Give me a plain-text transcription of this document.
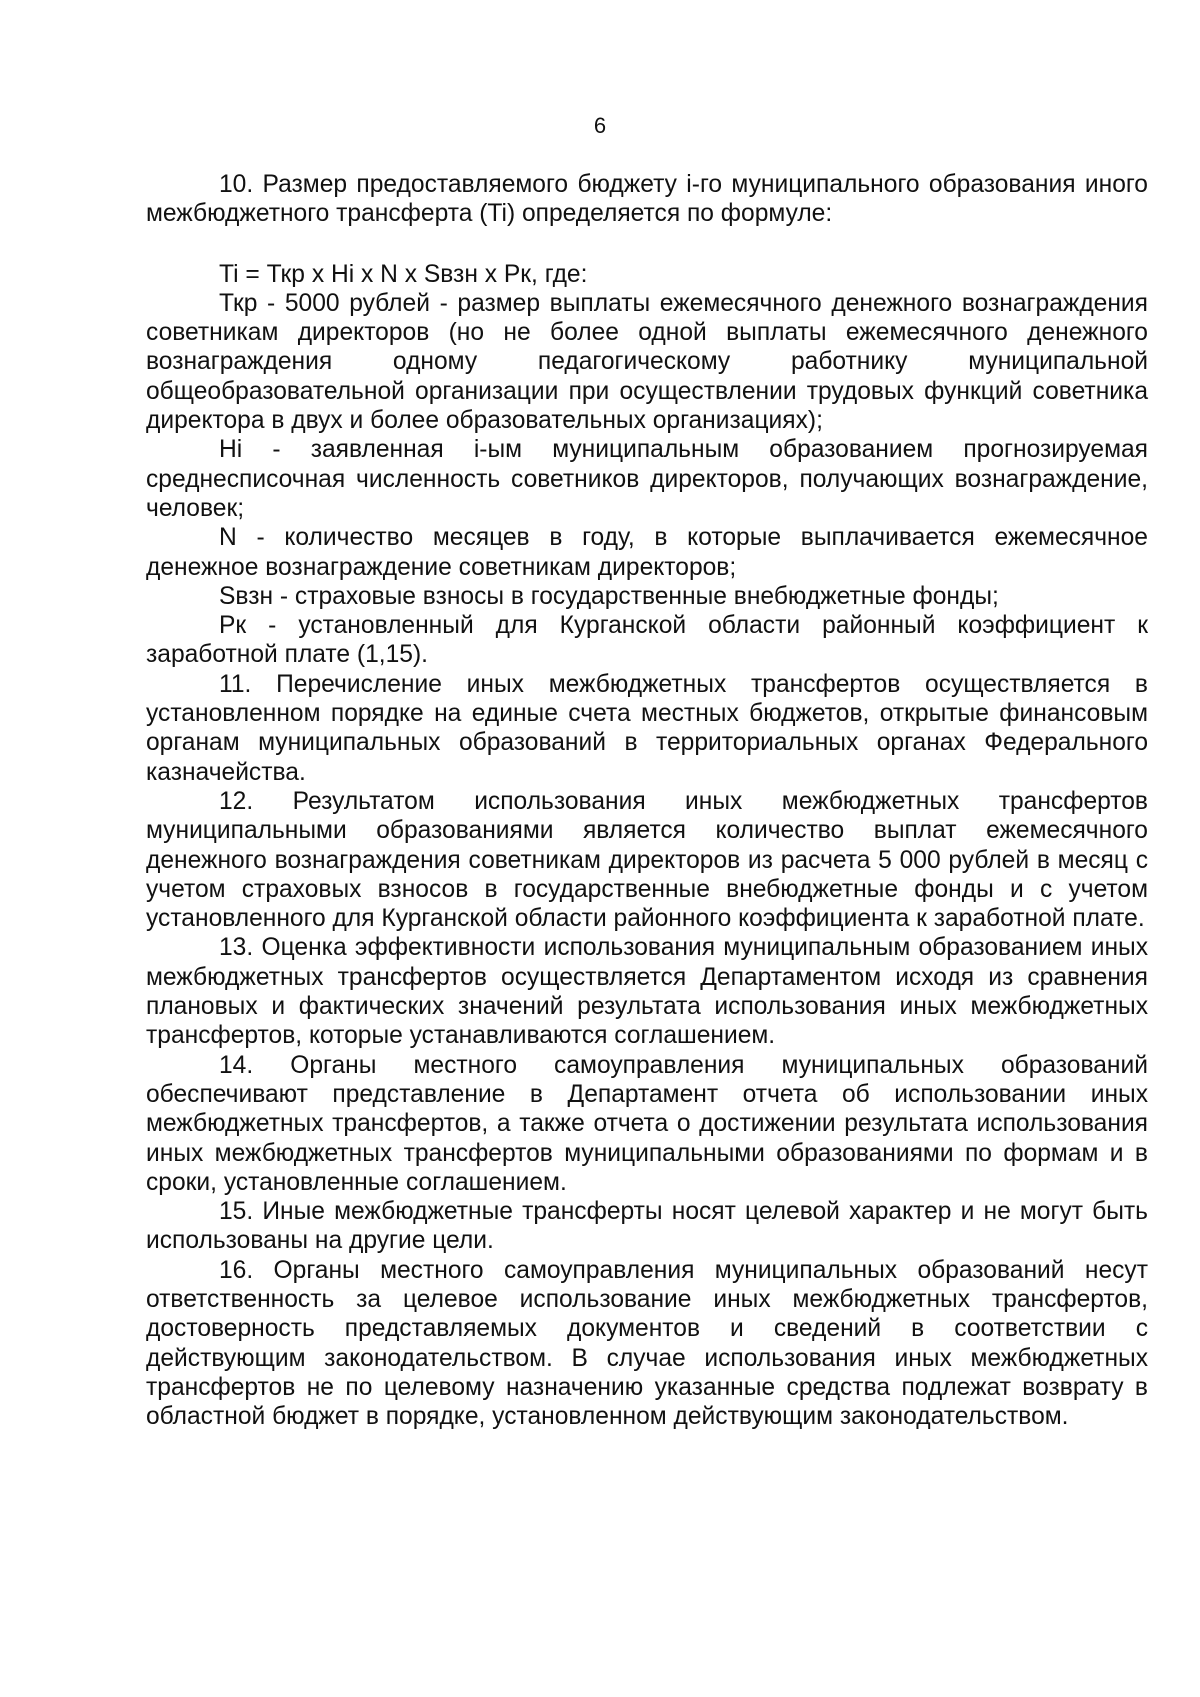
6

10. Размер предоставляемого бюджету i-го муниципального образования иного межбюджетного трансферта (Ti) определяется по формуле:

Ti = Ткр х Hi х N х Sвзн х Рк, где:

Ткр - 5000 рублей - размер выплаты ежемесячного денежного вознаграждения советникам директоров (но не более одной выплаты ежемесячного денежного вознаграждения одному педагогическому работнику муниципальной общеобразовательной организации при осуществлении трудовых функций советника директора в двух и более образовательных организациях);

Hi - заявленная i-ым муниципальным образованием прогнозируемая среднесписочная численность советников директоров, получающих вознаграждение, человек;

N - количество месяцев в году, в которые выплачивается ежемесячное денежное вознаграждение советникам директоров;

Sвзн - страховые взносы в государственные внебюджетные фонды;

Рк - установленный для Курганской области районный коэффициент к заработной плате (1,15).

11. Перечисление иных межбюджетных трансфертов осуществляется в установленном порядке на единые счета местных бюджетов, открытые финансовым органам муниципальных образований в территориальных органах Федерального казначейства.

12. Результатом использования иных межбюджетных трансфертов муниципальными образованиями является количество выплат ежемесячного денежного вознаграждения советникам директоров из расчета 5 000 рублей в месяц с учетом страховых взносов в государственные внебюджетные фонды и с учетом установленного для Курганской области районного коэффициента к заработной плате.

13. Оценка эффективности использования муниципальным образованием иных межбюджетных трансфертов осуществляется Департаментом исходя из сравнения плановых и фактических значений результата использования иных межбюджетных трансфертов, которые устанавливаются соглашением.

14. Органы местного самоуправления муниципальных образований обеспечивают представление в Департамент отчета об использовании иных межбюджетных трансфертов, а также отчета о достижении результата использования иных межбюджетных трансфертов муниципальными образованиями по формам и в сроки, установленные соглашением.

15. Иные межбюджетные трансферты носят целевой характер и не могут быть использованы на другие цели.

16. Органы местного самоуправления муниципальных образований несут ответственность за целевое использование иных межбюджетных трансфертов, достоверность представляемых документов и сведений в соответствии с действующим законодательством. В случае использования иных межбюджетных трансфертов не по целевому назначению указанные средства подлежат возврату в областной бюджет в порядке, установленном действующим законодательством.
